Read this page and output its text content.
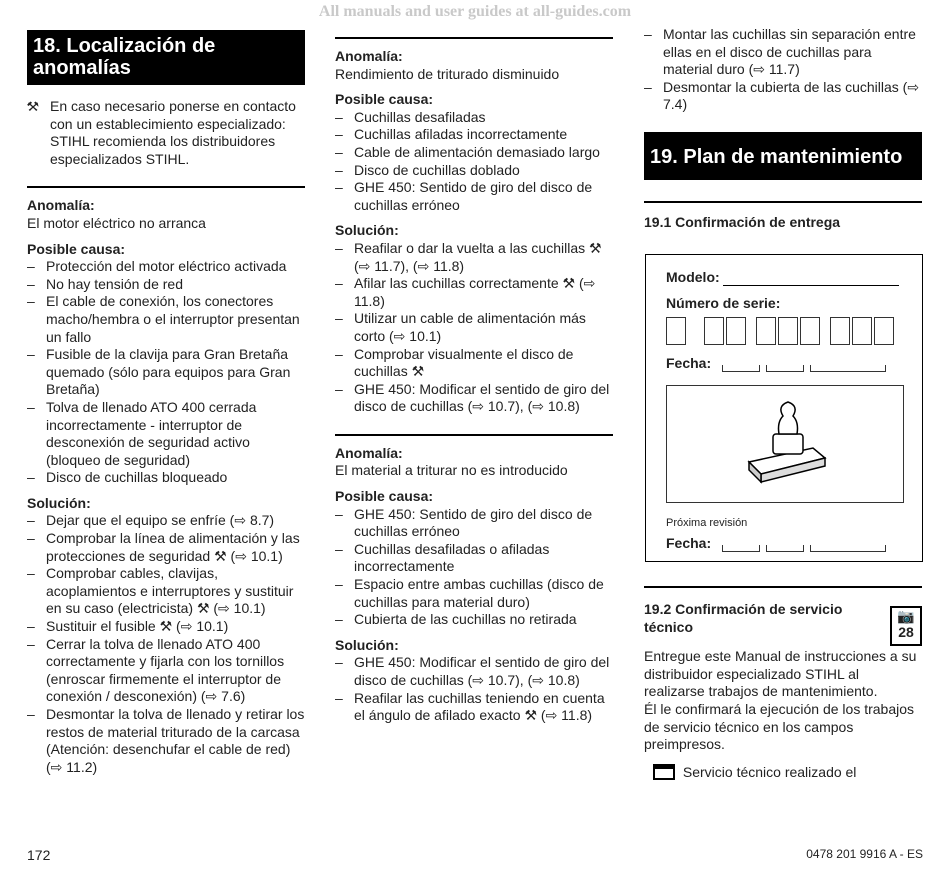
All manuals and user guides at all-guides.com
18. Localización de anomalías
⚒ En caso necesario ponerse en contacto con un establecimiento especializado: STIHL recomienda los distribuidores especializados STIHL.
Anomalía:
El motor eléctrico no arranca
Posible causa:
– Protección del motor eléctrico activada
– No hay tensión de red
– El cable de conexión, los conectores macho/hembra o el interruptor presentan un fallo
– Fusible de la clavija para Gran Bretaña quemado (sólo para equipos para Gran Bretaña)
– Tolva de llenado ATO 400 cerrada incorrectamente - interruptor de desconexión de seguridad activo (bloqueo de seguridad)
– Disco de cuchillas bloqueado
Solución:
– Dejar que el equipo se enfríe (⇨ 8.7)
– Comprobar la línea de alimentación y las protecciones de seguridad ⚒ (⇨ 10.1)
– Comprobar cables, clavijas, acoplamientos e interruptores y sustituir en su caso (electricista) ⚒ (⇨ 10.1)
– Sustituir el fusible ⚒ (⇨ 10.1)
– Cerrar la tolva de llenado ATO 400 correctamente y fijarla con los tornillos (enroscar firmemente el interruptor de conexión / desconexión) (⇨ 7.6)
– Desmontar la tolva de llenado y retirar los restos de material triturado de la carcasa (Atención: desenchufar el cable de red) (⇨ 11.2)
Anomalía:
Rendimiento de triturado disminuido
Posible causa:
– Cuchillas desafiladas
– Cuchillas afiladas incorrectamente
– Cable de alimentación demasiado largo
– Disco de cuchillas doblado
– GHE 450: Sentido de giro del disco de cuchillas erróneo
Solución:
– Reafilar o dar la vuelta a las cuchillas ⚒ (⇨ 11.7), (⇨ 11.8)
– Afilar las cuchillas correctamente ⚒ (⇨ 11.8)
– Utilizar un cable de alimentación más corto (⇨ 10.1)
– Comprobar visualmente el disco de cuchillas ⚒
– GHE 450: Modificar el sentido de giro del disco de cuchillas (⇨ 10.7), (⇨ 10.8)
Anomalía:
El material a triturar no es introducido
Posible causa:
– GHE 450: Sentido de giro del disco de cuchillas erróneo
– Cuchillas desafiladas o afiladas incorrectamente
– Espacio entre ambas cuchillas (disco de cuchillas para material duro)
– Cubierta de las cuchillas no retirada
Solución:
– GHE 450: Modificar el sentido de giro del disco de cuchillas (⇨ 10.7), (⇨ 10.8)
– Reafilar las cuchillas teniendo en cuenta el ángulo de afilado exacto ⚒ (⇨ 11.8)
– Montar las cuchillas sin separación entre ellas en el disco de cuchillas para material duro (⇨ 11.7)
– Desmontar la cubierta de las cuchillas (⇨ 7.4)
19. Plan de mantenimiento
19.1 Confirmación de entrega
Modelo:
Número de serie:
Fecha:
Próxima revisión
Fecha:
19.2 Confirmación de servicio técnico
📷
28
Entregue este Manual de instrucciones a su distribuidor especializado STIHL al realizarse trabajos de mantenimiento.
Él le confirmará la ejecución de los trabajos de servicio técnico en los campos preimpresos.
Servicio técnico realizado el
172	0478 201 9916 A - ES
